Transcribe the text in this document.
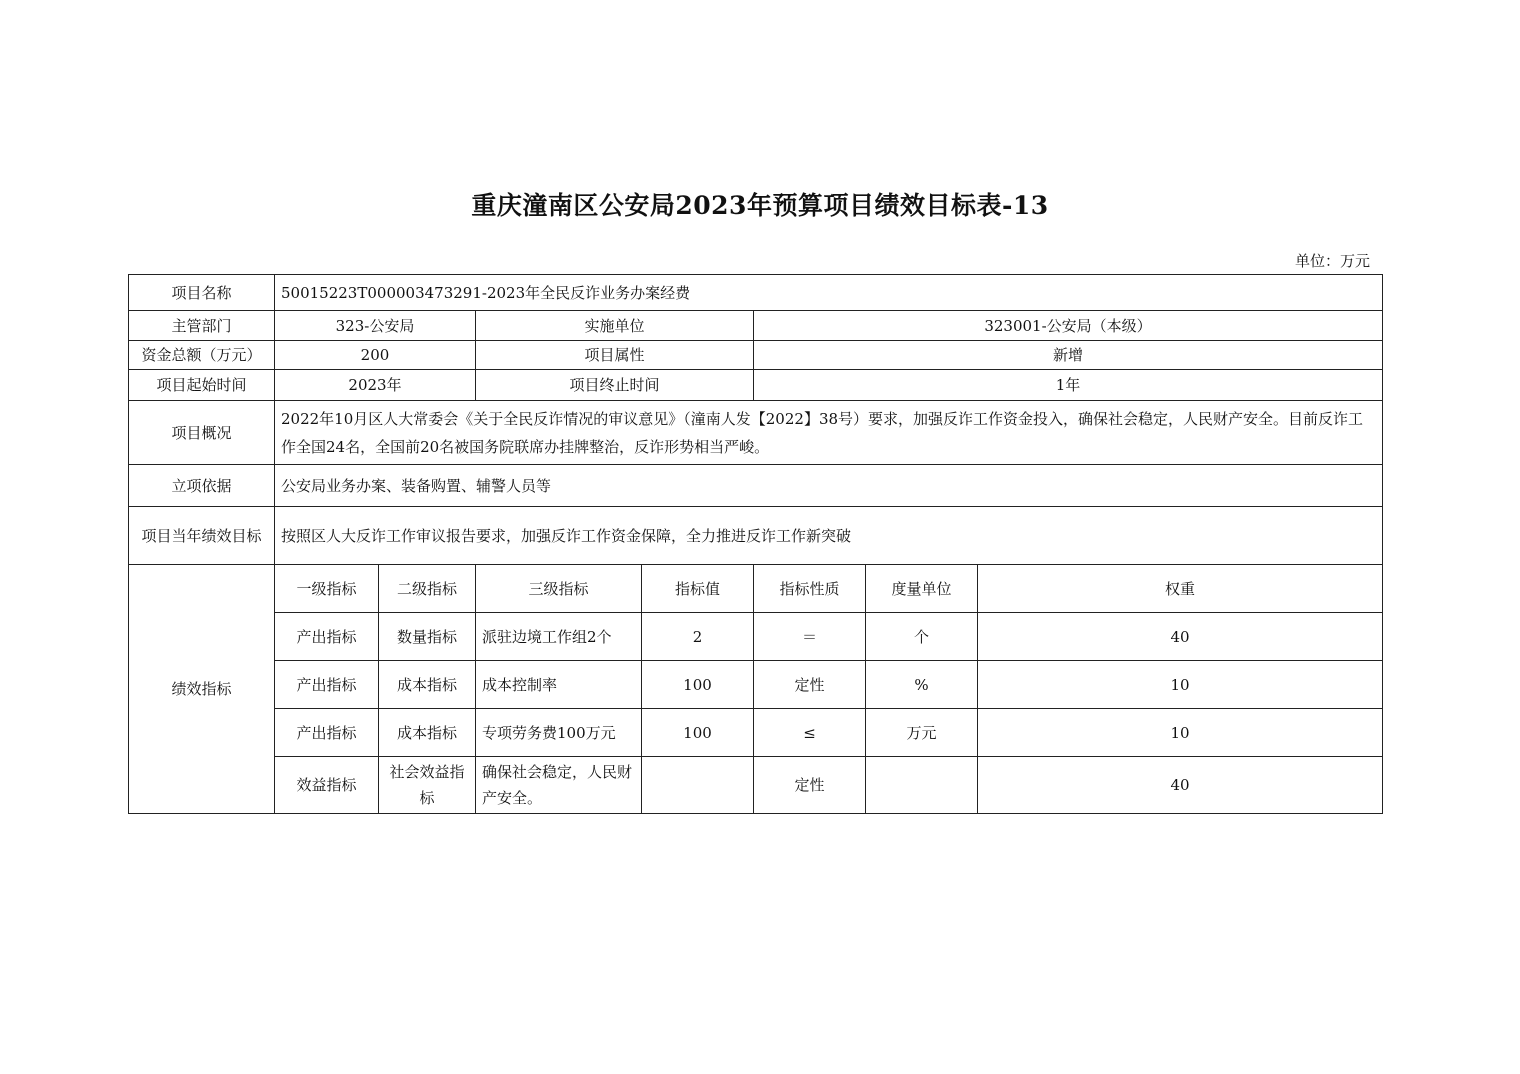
重庆潼南区公安局2023年预算项目绩效目标表-13
单位：万元
项目名称	50015223T000003473291-2023年全民反诈业务办案经费						
主管部门	323-公安局		实施单位		323001-公安局（本级）		
资金总额（万元）	200		项目属性		新增		
项目起始时间	2023年		项目终止时间		1年		
项目概况	2022年10月区人大常委会《关于全民反诈情况的审议意见》（潼南人发【2022】38号）要求，加强反诈工作资金投入，确保社会稳定，人民财产安全。目前反诈工作全国24名，全国前20名被国务院联席办挂牌整治，反诈形势相当严峻。						
立项依据	公安局业务办案、装备购置、辅警人员等						
项目当年绩效目标	按照区人大反诈工作审议报告要求，加强反诈工作资金保障，全力推进反诈工作新突破						
绩效指标	一级指标	二级指标	三级指标	指标值	指标性质	度量单位	权重
	产出指标	数量指标	派驻边境工作组2个	2	＝	个	40
	产出指标	成本指标	成本控制率	100	定性	%	10
	产出指标	成本指标	专项劳务费100万元	100	≤	万元	10
	效益指标	社会效益指标	确保社会稳定，人民财产安全。		定性		40
